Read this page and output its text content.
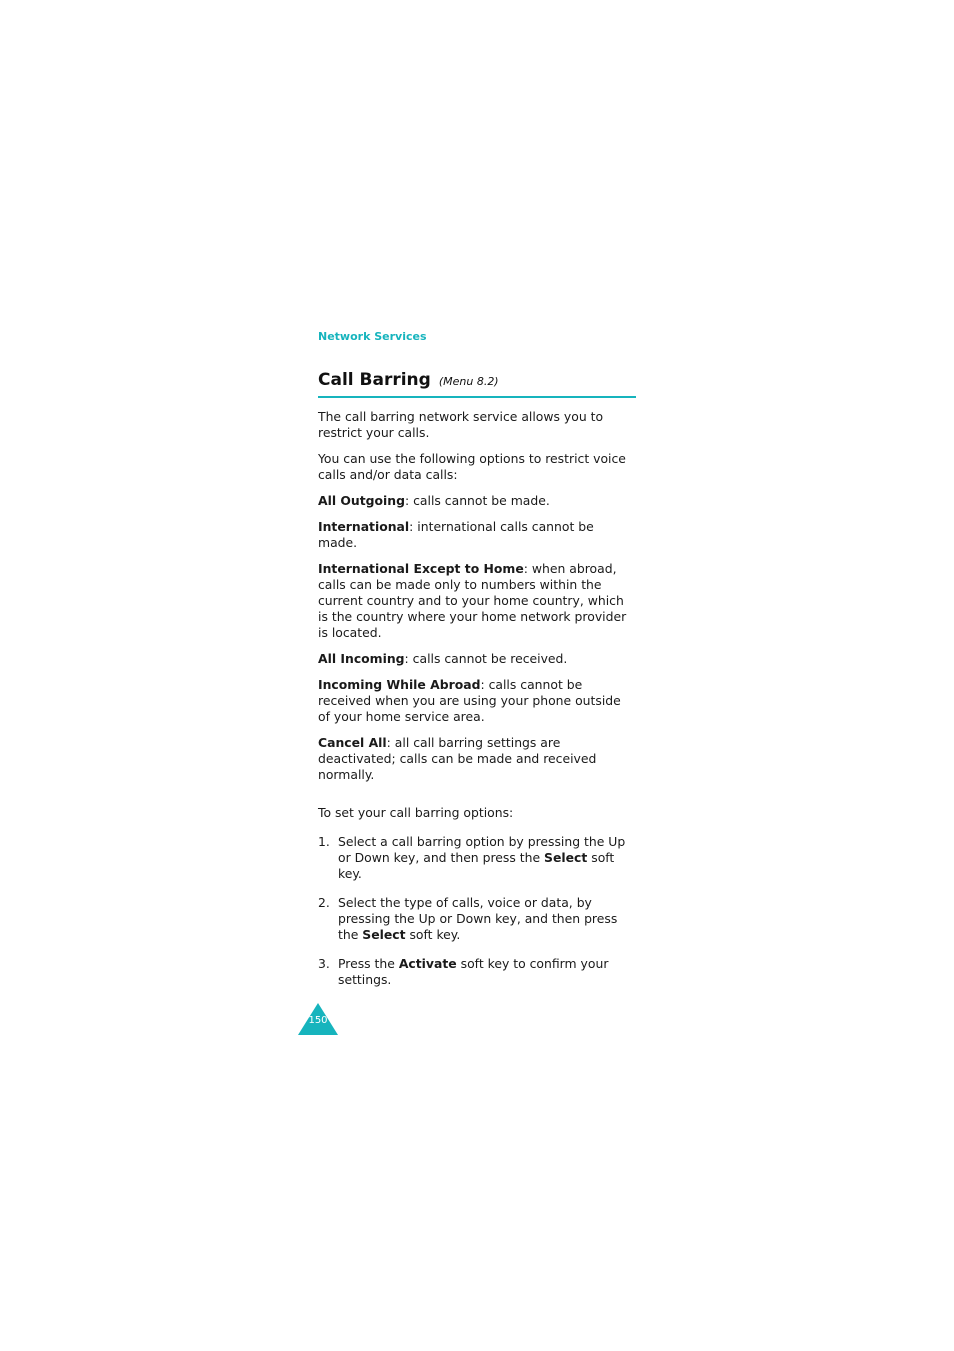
Network Services
Call Barring (Menu 8.2)

The call barring network service allows you to restrict your calls.

You can use the following options to restrict voice calls and/or data calls:

All Outgoing: calls cannot be made.

International: international calls cannot be made.

International Except to Home: when abroad, calls can be made only to numbers within the current country and to your home country, which is the country where your home network provider is located.

All Incoming: calls cannot be received.

Incoming While Abroad: calls cannot be received when you are using your phone outside of your home service area.

Cancel All: all call barring settings are deactivated; calls can be made and received normally.

To set your call barring options:

1. Select a call barring option by pressing the Up or Down key, and then press the Select soft key.
2. Select the type of calls, voice or data, by pressing the Up or Down key, and then press the Select soft key.
3. Press the Activate soft key to confirm your settings.
150
